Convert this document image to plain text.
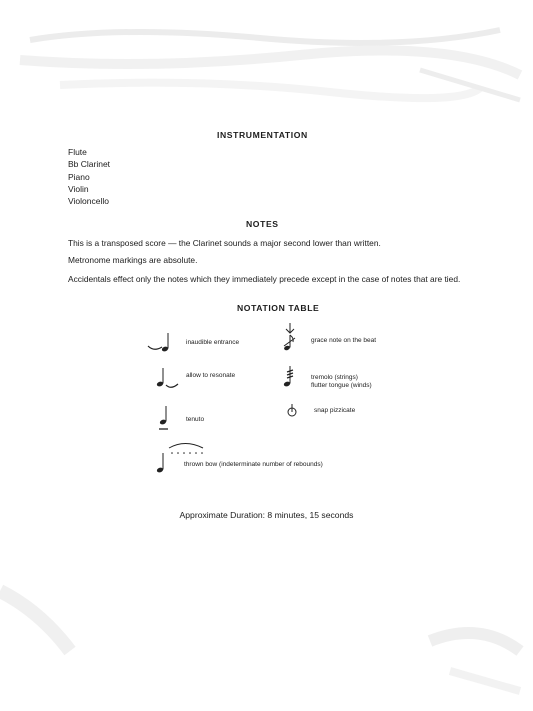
INSTRUMENTATION
Flute
Bb Clarinet
Piano
Violin
Violoncello
NOTES

This is a transposed score — the Clarinet sounds a major second lower than written.

Metronome markings are absolute.

Accidentals effect only the notes which they immediately precede except in the case of notes that are tied.

NOTATION TABLE
inaudible entrance
allow to resonate
tenuto
thrown bow (indeterminate number of rebounds)
grace note on the beat
tremolo (strings)
flutter tongue (winds)
snap pizzicate
Approximate Duration: 8 minutes, 15 seconds
